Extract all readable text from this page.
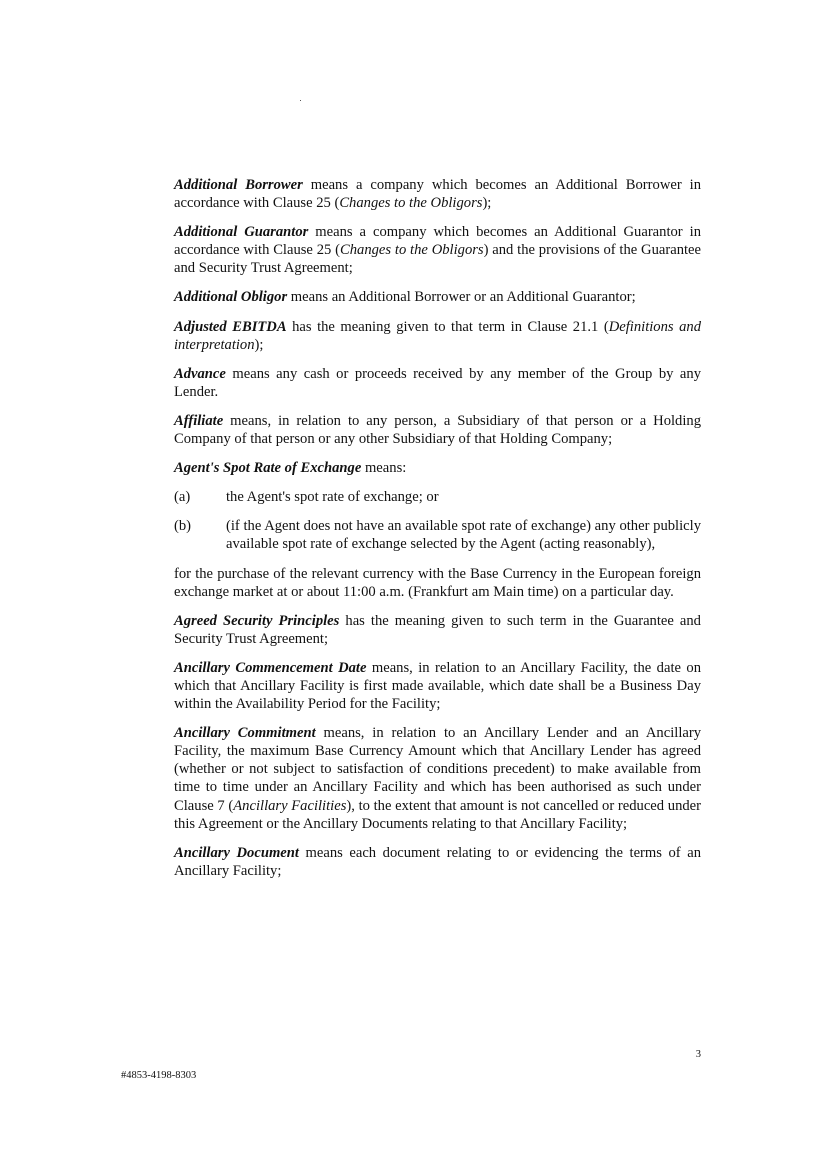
Additional Borrower means a company which becomes an Additional Borrower in accordance with Clause 25 (Changes to the Obligors);

Additional Guarantor means a company which becomes an Additional Guarantor in accordance with Clause 25 (Changes to the Obligors) and the provisions of the Guarantee and Security Trust Agreement;

Additional Obligor means an Additional Borrower or an Additional Guarantor;

Adjusted EBITDA has the meaning given to that term in Clause 21.1 (Definitions and interpretation);

Advance means any cash or proceeds received by any member of the Group by any Lender.

Affiliate means, in relation to any person, a Subsidiary of that person or a Holding Company of that person or any other Subsidiary of that Holding Company;

Agent's Spot Rate of Exchange means:

(a)	the Agent's spot rate of exchange; or
(b)	(if the Agent does not have an available spot rate of exchange) any other publicly available spot rate of exchange selected by the Agent (acting reasonably),

for the purchase of the relevant currency with the Base Currency in the European foreign exchange market at or about 11:00 a.m. (Frankfurt am Main time) on a particular day.

Agreed Security Principles has the meaning given to such term in the Guarantee and Security Trust Agreement;

Ancillary Commencement Date means, in relation to an Ancillary Facility, the date on which that Ancillary Facility is first made available, which date shall be a Business Day within the Availability Period for the Facility;

Ancillary Commitment means, in relation to an Ancillary Lender and an Ancillary Facility, the maximum Base Currency Amount which that Ancillary Lender has agreed (whether or not subject to satisfaction of conditions precedent) to make available from time to time under an Ancillary Facility and which has been authorised as such under Clause 7 (Ancillary Facilities), to the extent that amount is not cancelled or reduced under this Agreement or the Ancillary Documents relating to that Ancillary Facility;

Ancillary Document means each document relating to or evidencing the terms of an Ancillary Facility;

3
#4853-4198-8303
